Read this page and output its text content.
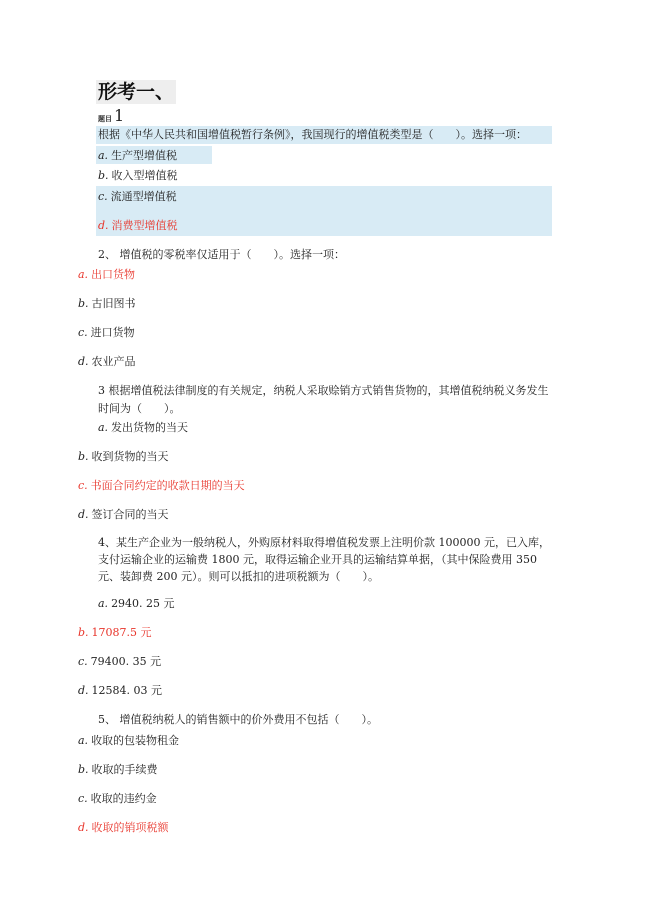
形考一、
题目 1
根据《中华人民共和国增值税暂行条例》，我国现行的增值税类型是（　　）。选择一项：
a. 生产型增值税
b. 收入型增值税
c. 流通型增值税
d. 消费型增值税
2、 增值税的零税率仅适用于（　　）。选择一项：
a. 出口货物
b. 古旧图书
c. 进口货物
d. 农业产品
3 根据增值税法律制度的有关规定，纳税人采取赊销方式销售货物的，其增值税纳税义务发生时间为（　　）。
a. 发出货物的当天
b. 收到货物的当天
c. 书面合同约定的收款日期的当天
d. 签订合同的当天
4、某生产企业为一般纳税人，外购原材料取得增值税发票上注明价款 100000 元，已入库，支付运输企业的运输费 1800 元，取得运输企业开具的运输结算单据，（其中保险费用 350 元、装卸费 200 元）。则可以抵扣的进项税额为（　　）。
a. 2940. 25 元
b. 17087.5 元
c. 79400. 35 元
d. 12584. 03 元
5、 增值税纳税人的销售额中的价外费用不包括（　　）。
a. 收取的包装物租金
b. 收取的手续费
c. 收取的违约金
d. 收取的销项税额
